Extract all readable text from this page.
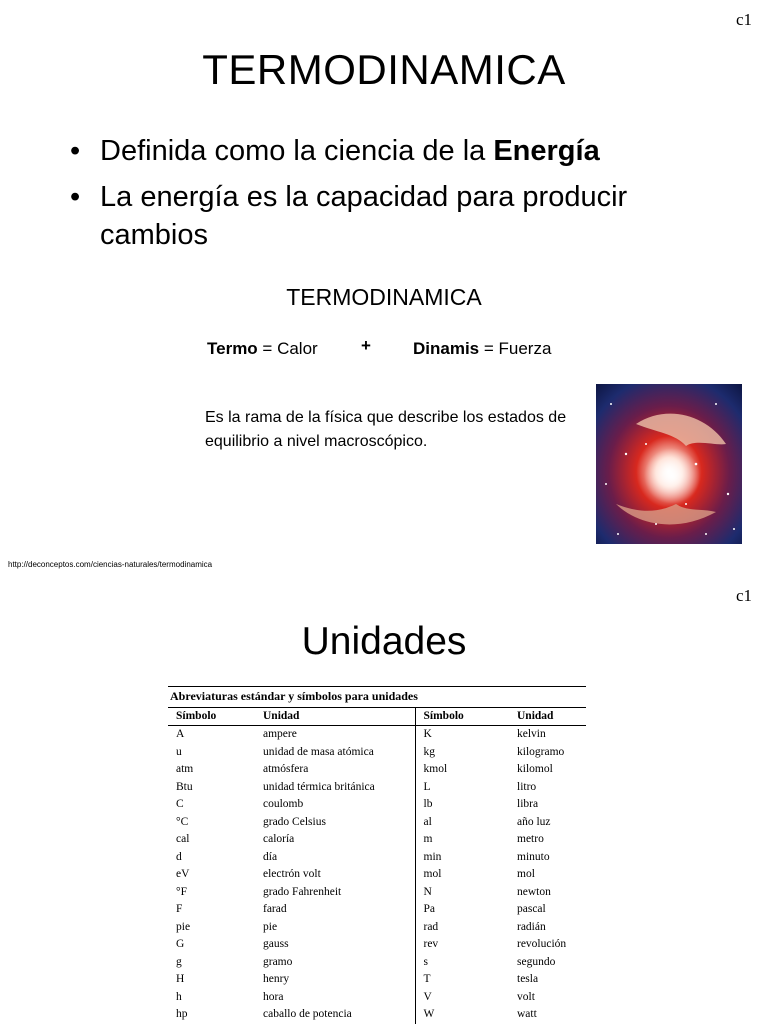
c1
TERMODINAMICA
• Definida como la ciencia de la Energía
• La energía es la capacidad para producir cambios
TERMODINAMICA
Termo = Calor	+ Dinamis = Fuerza
Es la rama de la física que describe los estados de equilibrio a nivel macroscópico.
http://deconceptos.com/ciencias-naturales/termodinamica
c1
Unidades
Abreviaturas estándar y símbolos para unidades
Símbolo	Unidad	Símbolo	Unidad
A	ampere	K	kelvin
u	unidad de masa atómica	kg	kilogramo
atm	atmósfera	kmol	kilomol
Btu	unidad térmica británica	L	litro
C	coulomb	lb	libra
°C	grado Celsius	al	año luz
cal	caloría	m	metro
d	día	min	minuto
eV	electrón volt	mol	mol
°F	grado Fahrenheit	N	newton
F	farad	Pa	pascal
pie	pie	rad	radián
G	gauss	rev	revolución
g	gramo	s	segundo
H	henry	T	tesla
h	hora	V	volt
hp	caballo de potencia	W	watt
